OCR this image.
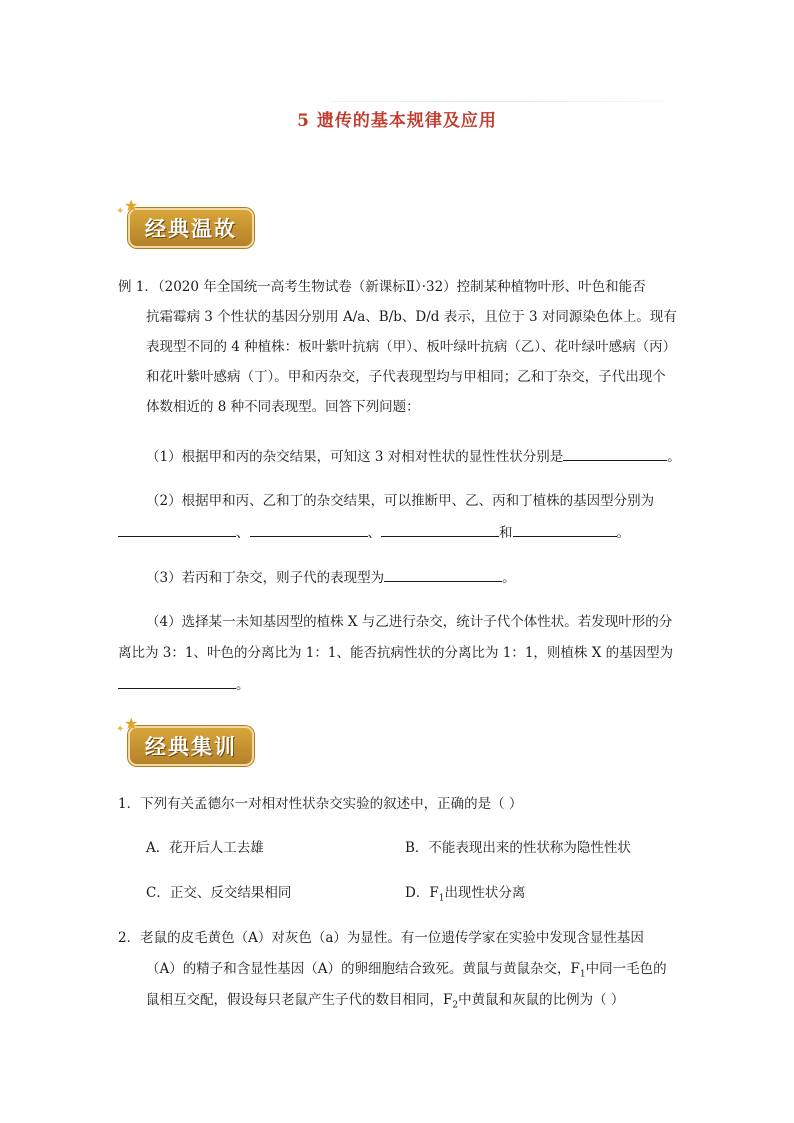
5 遗传的基本规律及应用
★
✦
经典温故
例 1．（2020 年全国统一高考生物试卷（新课标Ⅱ）·32）控制某种植物叶形、叶色和能否
抗霜霉病 3 个性状的基因分别用 A/a、B/b、D/d 表示，且位于 3 对同源染色体上。现有
表现型不同的 4 种植株：板叶紫叶抗病（甲）、板叶绿叶抗病（乙）、花叶绿叶感病（丙）
和花叶紫叶感病（丁）。甲和丙杂交，子代表现型均与甲相同；乙和丁杂交，子代出现个
体数相近的 8 种不同表现型。回答下列问题：
（1）根据甲和丙的杂交结果，可知这 3 对相对性状的显性性状分别是	。
（2）根据甲和丙、乙和丁的杂交结果，可以推断甲、乙、丙和丁植株的基因型分别为
、	、	和	。
（3）若丙和丁杂交，则子代的表现型为	。
（4）选择某一未知基因型的植株 X 与乙进行杂交，统计子代个体性状。若发现叶形的分
离比为 3：1、叶色的分离比为 1：1、能否抗病性状的分离比为 1：1，则植株 X 的基因型为
。
★
✦
经典集训
1．下列有关孟德尔一对相对性状杂交实验的叙述中，正确的是（ ）
A．花开后人工去雄	B．不能表现出来的性状称为隐性性状
C．正交、反交结果相同	D．$F_1$出现性状分离
2．老鼠的皮毛黄色（A）对灰色（a）为显性。有一位遗传学家在实验中发现含显性基因
（A）的精子和含显性基因（A）的卵细胞结合致死。黄鼠与黄鼠杂交，$F_1$中同一毛色的
鼠相互交配，假设每只老鼠产生子代的数目相同，$F_2$中黄鼠和灰鼠的比例为（ ）
